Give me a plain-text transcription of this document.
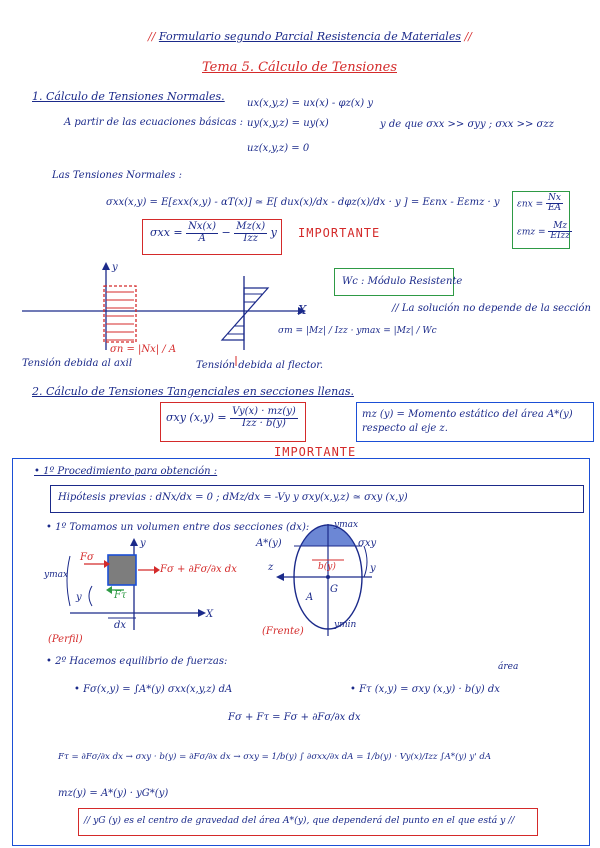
// Formulario segundo Parcial Resistencia de Materiales //
Tema 5. Cálculo de Tensiones
1. Cálculo de Tensiones Normales.
A partir de las ecuaciones básicas :
ux(x,y,z) = ux(x) - φz(x) y
uy(x,y,z) = uy(x)
uz(x,y,z) = 0
y de que σxx >> σyy ; σxx >> σzz
Las Tensiones Normales :
σxx(x,y) = E[εxx(x,y) - αT(x)] ≃ E[ dux(x)/dx - dφz(x)/dx · y ] = Eεnx - Eεmz · y
$\sigma xx = \frac{Nx(x)}{A} - \frac{Mz(x)}{\text{Izz}}$ y IMPORTANTE
$\varepsilon nx = \frac{Nx}{EA}$
$\varepsilon mz = \frac{Mz}{\text{EIzz}}$
Wc : Módulo Resistente
// La solución no depende de la sección
y
X
σn = |Nx| / A
σm = |Mz| / Izz · ymax = |Mz| / Wc
Tensión debida al axil	Tensión debida al flector.
2. Cálculo de Tensiones Tangenciales en secciones llenas.
σxy $(x,y) = \frac{Vy(x) \cdot mz(y)}{\text{Izz · b(y)}}$
IMPORTANTE
mz (y) = Momento estático del área A*(y) respecto al eje z.
• 1º Procedimiento para obtención :
Hipótesis previas : dNx/dx = 0 ; dMz/dx = -Vy y σxy(x,y,z) ≃ σxy (x,y)
• 1º Tomamos un volumen entre dos secciones (dx):
Fσ
Fσ + ∂Fσ/∂x dx
Fτ
ymax
y
y
dx
X
(Perfil)
A*(y)
b(y)
σxy
z
A
G
y
ymax
ymin
(Frente)
• 2º Hacemos equilibrio de fuerzas:
• Fσ(x,y) = ∫A*(y) σxx(x,y,z) dA	• Fτ (x,y) = σxy (x,y) · b(y) dx
área
Fσ + Fτ = Fσ + ∂Fσ/∂x dx
Fτ = ∂Fσ/∂x dx → σxy · b(y) = ∂Fσ/∂x dx → σxy = 1/b(y) ∫ ∂σxx/∂x dA = 1/b(y) · Vy(x)/Izz ∫A*(y) y' dA
mz(y) = A*(y) · yG*(y)
// yG (y) es el centro de gravedad del área A*(y), que dependerá del punto en el que está y //
